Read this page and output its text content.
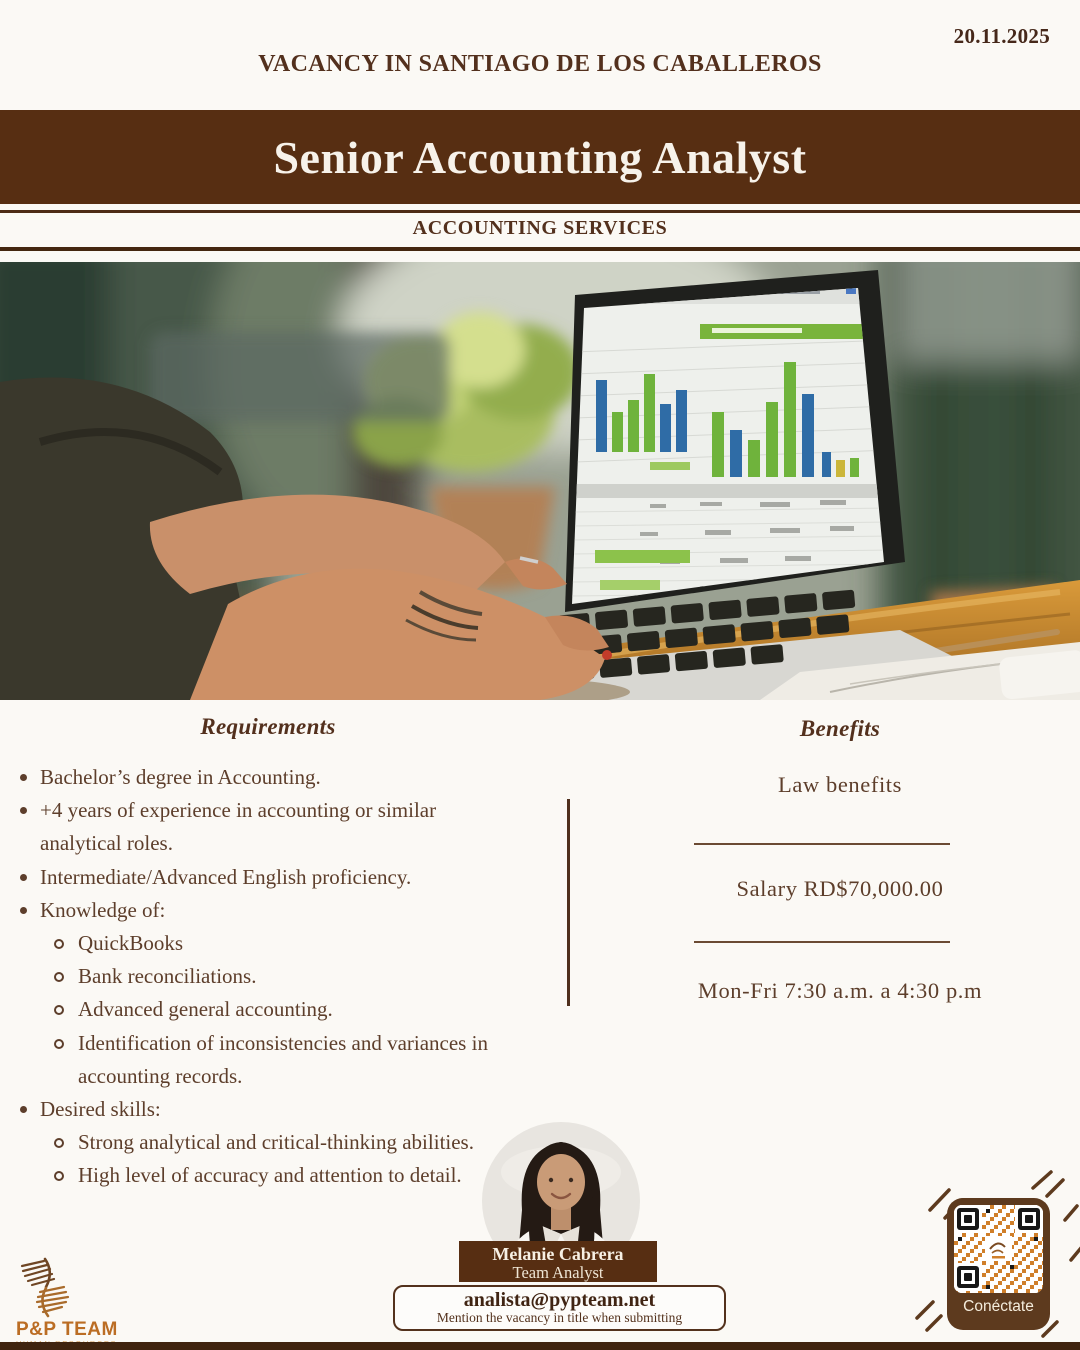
20.11.2025
VACANCY IN SANTIAGO DE LOS CABALLEROS
Senior Accounting Analyst
ACCOUNTING SERVICES
Requirements
Bachelor’s degree in Accounting.
+4 years of experience in accounting or similar analytical roles.
Intermediate/Advanced English proficiency.
Knowledge of:
QuickBooks
Bank reconciliations.
Advanced general accounting.
Identification of inconsistencies and variances in accounting records.
Desired skills:
Strong analytical and critical-thinking abilities.
High level of accuracy and attention to detail.
Benefits
Law benefits
Salary RD$70,000.00
Mon-Fri 7:30 a.m. a 4:30 p.m
Melanie Cabrera
Team Analyst
analista@pypteam.net
Mention the vacancy in title when submitting
P&P TEAM
Conéctate
